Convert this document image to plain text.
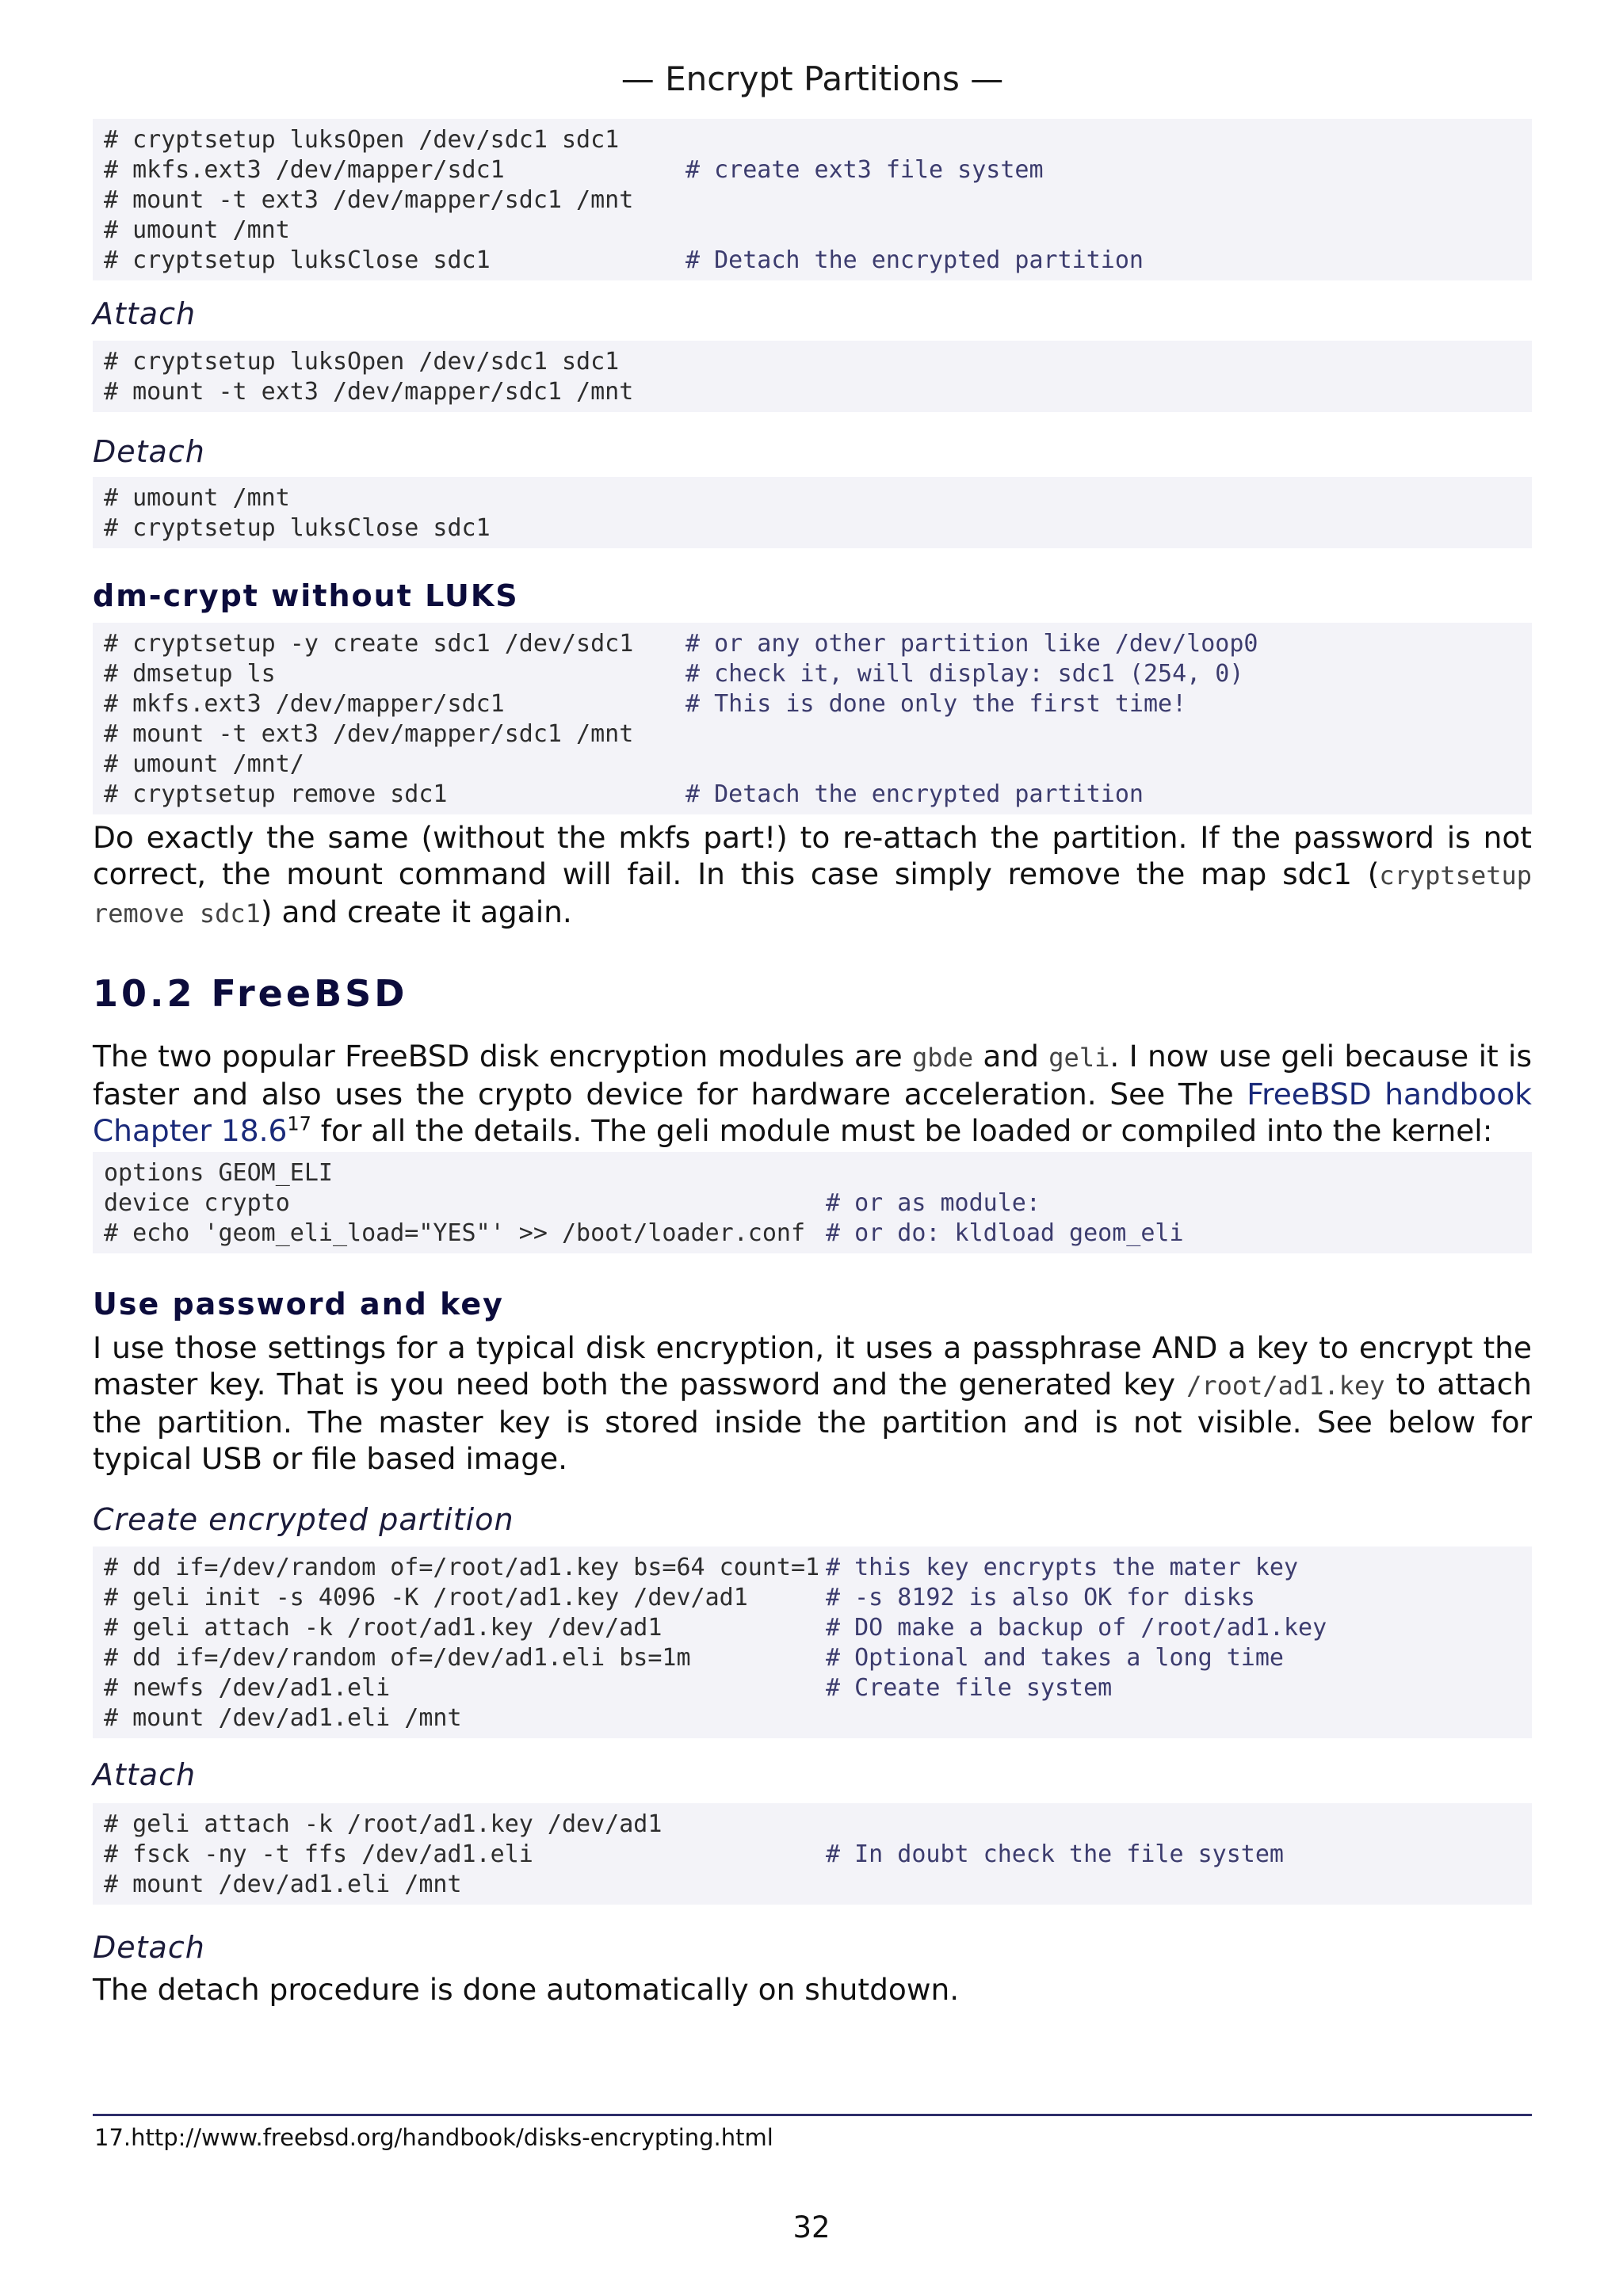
— Encrypt Partitions —
# cryptsetup luksOpen /dev/sdc1 sdc1
# mkfs.ext3 /dev/mapper/sdc1	# create ext3 file system
# mount -t ext3 /dev/mapper/sdc1 /mnt
# umount /mnt
# cryptsetup luksClose sdc1	# Detach the encrypted partition
Attach
# cryptsetup luksOpen /dev/sdc1 sdc1
# mount -t ext3 /dev/mapper/sdc1 /mnt
Detach
# umount /mnt
# cryptsetup luksClose sdc1
dm-crypt without LUKS
# cryptsetup -y create sdc1 /dev/sdc1 # or any other partition like /dev/loop0
# dmsetup ls	# check it, will display: sdc1 (254, 0)
# mkfs.ext3 /dev/mapper/sdc1	# This is done only the first time!
# mount -t ext3 /dev/mapper/sdc1 /mnt
# umount /mnt/
# cryptsetup remove sdc1	# Detach the encrypted partition
Do exactly the same (without the mkfs part!) to re-attach the partition. If the password is not correct, the mount command will fail. In this case simply remove the map sdc1 (cryptsetup remove sdc1) and create it again.
10.2 FreeBSD
The two popular FreeBSD disk encryption modules are gbde and geli. I now use geli because it is faster and also uses the crypto device for hardware acceleration. See The FreeBSD handbook Chapter 18.6$^{17}$ for all the details. The geli module must be loaded or compiled into the kernel:
options GEOM_ELI
device crypto	# or as module:
# echo 'geom_eli_load="YES"' >> /boot/loader.conf # or do: kldload geom_eli
Use password and key
I use those settings for a typical disk encryption, it uses a passphrase AND a key to encrypt the master key. That is you need both the password and the generated key /root/ad1.key to attach the partition. The master key is stored inside the partition and is not visible. See below for typical USB or file based image.
Create encrypted partition
# dd if=/dev/random of=/root/ad1.key bs=64 count=1 # this key encrypts the mater key
# geli init -s 4096 -K /root/ad1.key /dev/ad1	# -s 8192 is also OK for disks
# geli attach -k /root/ad1.key /dev/ad1	# DO make a backup of /root/ad1.key
# dd if=/dev/random of=/dev/ad1.eli bs=1m	# Optional and takes a long time
# newfs /dev/ad1.eli	# Create file system
# mount /dev/ad1.eli /mnt
Attach
# geli attach -k /root/ad1.key /dev/ad1
# fsck -ny -t ffs /dev/ad1.eli	# In doubt check the file system
# mount /dev/ad1.eli /mnt
Detach
The detach procedure is done automatically on shutdown.
17.http://www.freebsd.org/handbook/disks-encrypting.html
32
